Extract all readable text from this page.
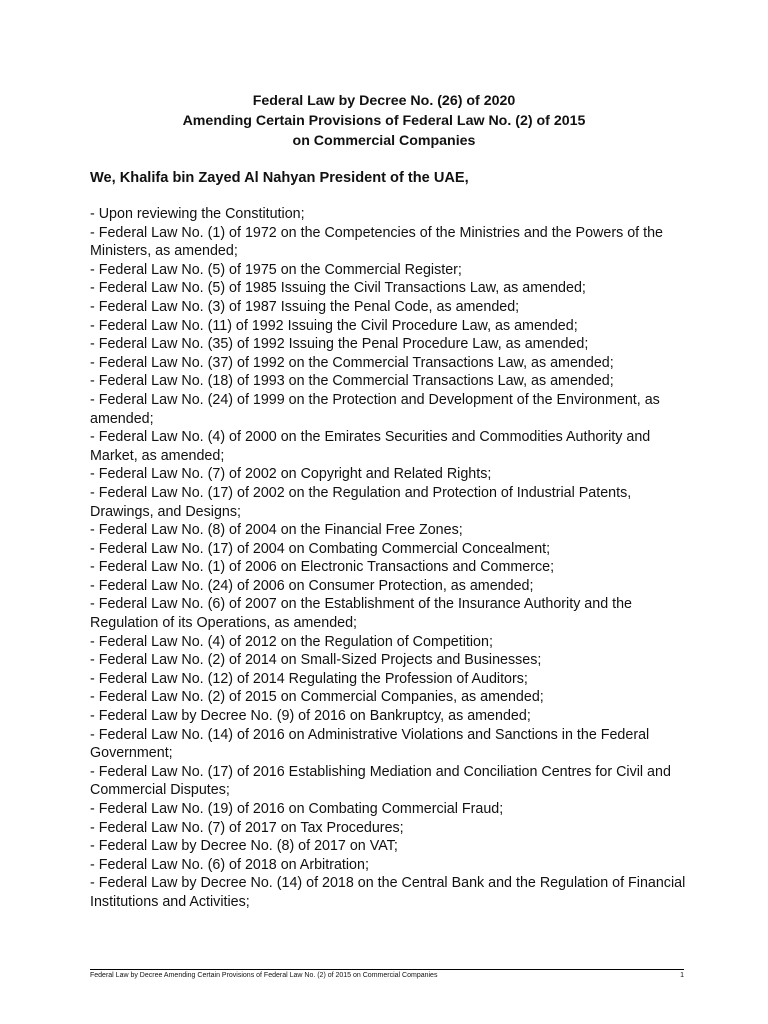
Federal Law by Decree No. (26) of 2020
Amending Certain Provisions of Federal Law No. (2) of 2015
on Commercial Companies
We, Khalifa bin Zayed Al Nahyan President of the UAE,
- Upon reviewing the Constitution;
- Federal Law No. (1) of 1972 on the Competencies of the Ministries and the Powers of the
Ministers, as amended;
- Federal Law No. (5) of 1975 on the Commercial Register;
- Federal Law No. (5) of 1985 Issuing the Civil Transactions Law, as amended;
- Federal Law No. (3) of 1987 Issuing the Penal Code, as amended;
- Federal Law No. (11) of 1992 Issuing the Civil Procedure Law, as amended;
- Federal Law No. (35) of 1992 Issuing the Penal Procedure Law, as amended;
- Federal Law No. (37) of 1992 on the Commercial Transactions Law, as amended;
- Federal Law No. (18) of 1993 on the Commercial Transactions Law, as amended;
- Federal Law No. (24) of 1999 on the Protection and Development of the Environment, as
amended;
- Federal Law No. (4) of 2000 on the Emirates Securities and Commodities Authority and
Market, as amended;
- Federal Law No. (7) of 2002 on Copyright and Related Rights;
- Federal Law No. (17) of 2002 on the Regulation and Protection of Industrial Patents,
Drawings, and Designs;
- Federal Law No. (8) of 2004 on the Financial Free Zones;
- Federal Law No. (17) of 2004 on Combating Commercial Concealment;
- Federal Law No. (1) of 2006 on Electronic Transactions and Commerce;
- Federal Law No. (24) of 2006 on Consumer Protection, as amended;
- Federal Law No. (6) of 2007 on the Establishment of the Insurance Authority and the
Regulation of its Operations, as amended;
- Federal Law No. (4) of 2012 on the Regulation of Competition;
- Federal Law No. (2) of 2014 on Small-Sized Projects and Businesses;
- Federal Law No. (12) of 2014 Regulating the Profession of Auditors;
- Federal Law No. (2) of 2015 on Commercial Companies, as amended;
- Federal Law by Decree No. (9) of 2016 on Bankruptcy, as amended;
- Federal Law No. (14) of 2016 on Administrative Violations and Sanctions in the Federal
Government;
- Federal Law No. (17) of 2016 Establishing Mediation and Conciliation Centres for Civil and
Commercial Disputes;
- Federal Law No. (19) of 2016 on Combating Commercial Fraud;
- Federal Law No. (7) of 2017 on Tax Procedures;
- Federal Law by Decree No. (8) of 2017 on VAT;
- Federal Law No. (6) of 2018 on Arbitration;
- Federal Law by Decree No. (14) of 2018 on the Central Bank and the Regulation of Financial
Institutions and Activities;
Federal Law by Decree Amending Certain Provisions of Federal Law No. (2) of 2015 on Commercial Companies	1
